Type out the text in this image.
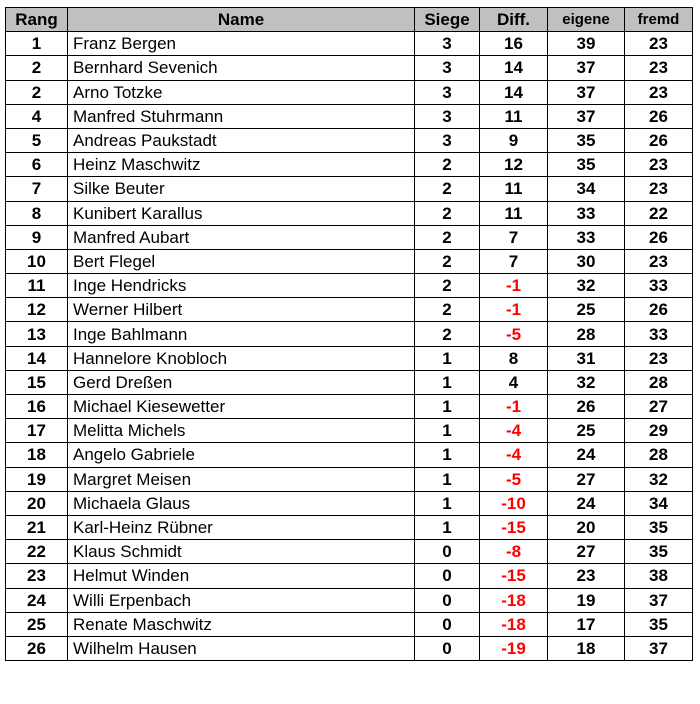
Rang	Name	Siege	Diff.	eigene	fremd
1	Franz Bergen	3	16	39	23
2	Bernhard Sevenich	3	14	37	23
2	Arno Totzke	3	14	37	23
4	Manfred Stuhrmann	3	11	37	26
5	Andreas Paukstadt	3	9	35	26
6	Heinz Maschwitz	2	12	35	23
7	Silke Beuter	2	11	34	23
8	Kunibert Karallus	2	11	33	22
9	Manfred Aubart	2	7	33	26
10	Bert Flegel	2	7	30	23
11	Inge Hendricks	2	-1	32	33
12	Werner Hilbert	2	-1	25	26
13	Inge Bahlmann	2	-5	28	33
14	Hannelore Knobloch	1	8	31	23
15	Gerd Dreßen	1	4	32	28
16	Michael Kiesewetter	1	-1	26	27
17	Melitta Michels	1	-4	25	29
18	Angelo Gabriele	1	-4	24	28
19	Margret Meisen	1	-5	27	32
20	Michaela Glaus	1	-10	24	34
21	Karl-Heinz Rübner	1	-15	20	35
22	Klaus Schmidt	0	-8	27	35
23	Helmut Winden	0	-15	23	38
24	Willi Erpenbach	0	-18	19	37
25	Renate Maschwitz	0	-18	17	35
26	Wilhelm Hausen	0	-19	18	37
